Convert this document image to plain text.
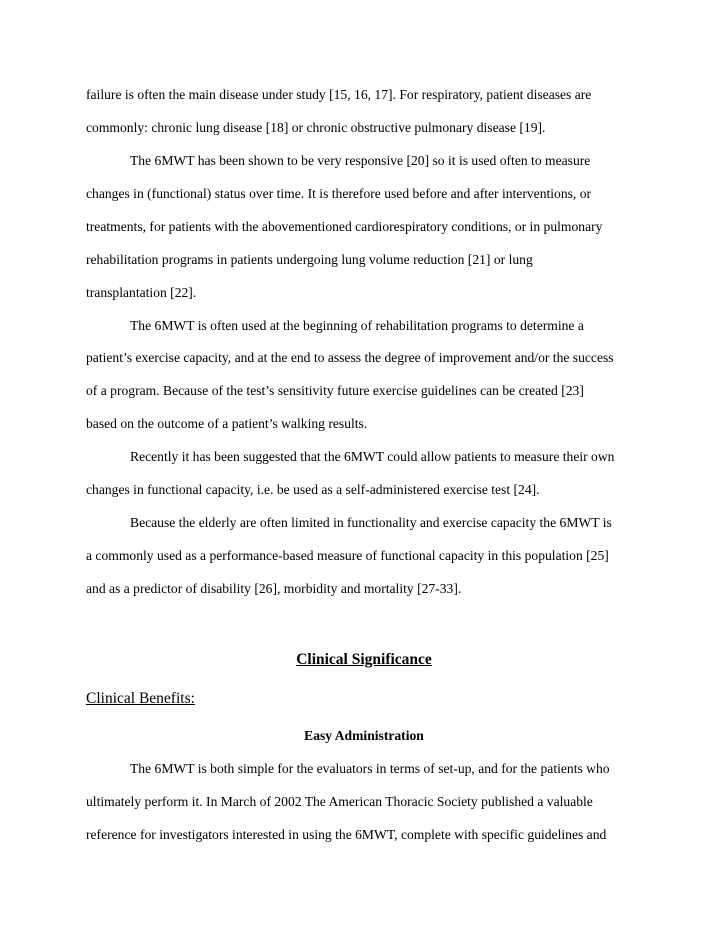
failure is often the main disease under study [15, 16, 17]. For respiratory, patient diseases are
commonly: chronic lung disease [18] or chronic obstructive pulmonary disease [19].
The 6MWT has been shown to be very responsive [20] so it is used often to measure
changes in (functional) status over time. It is therefore used before and after interventions, or
treatments, for patients with the abovementioned cardiorespiratory conditions, or in pulmonary
rehabilitation programs in patients undergoing lung volume reduction [21] or lung
transplantation [22].
The 6MWT is often used at the beginning of rehabilitation programs to determine a
patient’s exercise capacity, and at the end to assess the degree of improvement and/or the success
of a program. Because of the test’s sensitivity future exercise guidelines can be created [23]
based on the outcome of a patient’s walking results.
Recently it has been suggested that the 6MWT could allow patients to measure their own
changes in functional capacity, i.e. be used as a self-administered exercise test [24].
Because the elderly are often limited in functionality and exercise capacity the 6MWT is
a commonly used as a performance-based measure of functional capacity in this population [25]
and as a predictor of disability [26], morbidity and mortality [27-33].
Clinical Significance
Clinical Benefits:
Easy Administration
The 6MWT is both simple for the evaluators in terms of set-up, and for the patients who
ultimately perform it. In March of 2002 The American Thoracic Society published a valuable
reference for investigators interested in using the 6MWT, complete with specific guidelines and
